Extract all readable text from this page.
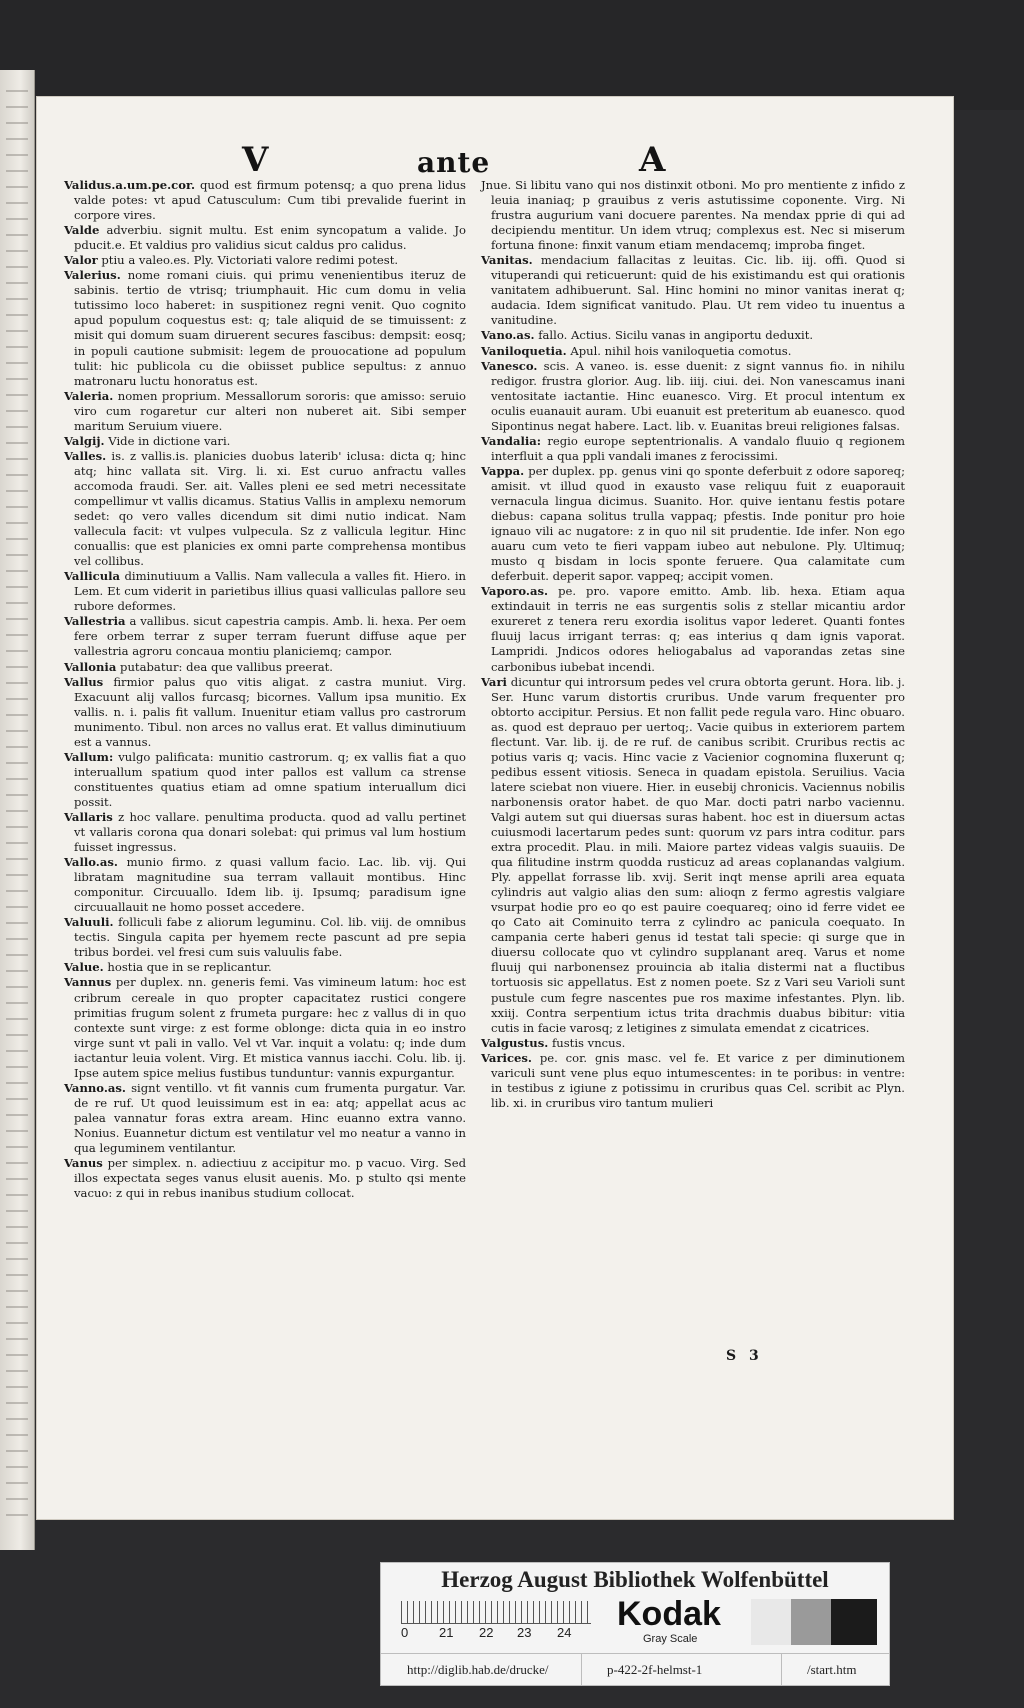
V	ante	A
Validus.a.um.pe.cor. quod est firmum potensq; a quo prena lidus valde potes: vt apud Catusculum: Cum tibi prevalide fuerint in corpore vires.
Valde adverbiu. signit multu. Est enim syncopatum a valide. Jo pducit.e. Et valdius pro validius sicut caldus pro calidus.
Valor ptiu a valeo.es. Ply. Victoriati valore redimi potest.
Valerius. nome romani ciuis. qui primu venenientibus iteruz de sabinis. tertio de vtrisq; triumphauit. Hic cum domu in velia tutissimo loco haberet: in suspitionez regni venit. Quo cognito apud populum coquestus est: q; tale aliquid de se timuissent: z misit qui domum suam diruerent secures fascibus: dempsit: eosq; in populi cautione submisit: legem de prouocatione ad populum tulit: hic publicola cu die obiisset publice sepultus: z annuo matronaru luctu honoratus est.
Valeria. nomen proprium. Messallorum sororis: que amisso: seruio viro cum rogaretur cur alteri non nuberet ait. Sibi semper maritum Seruium viuere.
Valgij. Vide in dictione vari.
Valles. is. z vallis.is. planicies duobus laterib' iclusa: dicta q; hinc atq; hinc vallata sit. Virg. li. xi. Est curuo anfractu valles accomoda fraudi. Ser. ait. Valles pleni ee sed metri necessitate compellimur vt vallis dicamus. Statius Vallis in amplexu nemorum sedet: qo vero valles dicendum sit dimi nutio indicat. Nam vallecula facit: vt vulpes vulpecula. Sz z vallicula legitur. Hinc conuallis: que est planicies ex omni parte comprehensa montibus vel collibus.
Vallicula diminutiuum a Vallis. Nam vallecula a valles fit. Hiero. in Lem. Et cum viderit in parietibus illius quasi valliculas pallore seu rubore deformes.
Vallestria a vallibus. sicut capestria campis. Amb. li. hexa. Per oem fere orbem terrar z super terram fuerunt diffuse aque per vallestria agroru concaua montiu planiciemq; campor.
Vallonia putabatur: dea que vallibus preerat.
Vallus firmior palus quo vitis aligat. z castra muniut. Virg. Exacuunt alij vallos furcasq; bicornes. Vallum ipsa munitio. Ex vallis. n. i. palis fit vallum. Inuenitur etiam vallus pro castrorum munimento. Tibul. non arces no vallus erat. Et vallus diminutiuum est a vannus.
Vallum: vulgo palificata: munitio castrorum. q; ex vallis fiat a quo interuallum spatium quod inter pallos est vallum ca strense constituentes quatius etiam ad omne spatium interuallum dici possit.
Vallaris z hoc vallare. penultima producta. quod ad vallu pertinet vt vallaris corona qua donari solebat: qui primus val lum hostium fuisset ingressus.
Vallo.as. munio firmo. z quasi vallum facio. Lac. lib. vij. Qui libratam magnitudine sua terram vallauit montibus. Hinc componitur. Circuuallo. Idem lib. ij. Ipsumq; paradisum igne circuuallauit ne homo posset accedere.
Valuuli. folliculi fabe z aliorum leguminu. Col. lib. viij. de omnibus tectis. Singula capita per hyemem recte pascunt ad pre sepia tribus bordei. vel fresi cum suis valuulis fabe.
Value. hostia que in se replicantur.
Vannus per duplex. nn. generis femi. Vas vimineum latum: hoc est cribrum cereale in quo propter capacitatez rustici congere primitias frugum solent z frumeta purgare: hec z vallus di in quo contexte sunt virge: z est forme oblonge: dicta quia in eo instro virge sunt vt pali in vallo. Vel vt Var. inquit a volatu: q; inde dum iactantur leuia volent. Virg. Et mistica vannus iacchi. Colu. lib. ij. Ipse autem spice melius fustibus tunduntur: vannis expurgantur.
Vanno.as. signt ventillo. vt fit vannis cum frumenta purgatur. Var. de re ruf. Ut quod leuissimum est in ea: atq; appellat acus ac palea vannatur foras extra aream. Hinc euanno extra vanno. Nonius. Euannetur dictum est ventilatur vel mo neatur a vanno in qua leguminem ventilantur.
Vanus per simplex. n. adiectiuu z accipitur mo. p vacuo. Virg. Sed illos expectata seges vanus elusit auenis. Mo. p stulto qsi mente vacuo: z qui in rebus inanibus studium collocat.
Jnue. Si libitu vano qui nos distinxit otboni. Mo pro mentiente z infido z leuia inaniaq; p grauibus z veris astutissime coponente. Virg. Ni frustra augurium vani docuere parentes. Na mendax pprie di qui ad decipiendu mentitur. Un idem vtruq; complexus est. Nec si miserum fortuna finone: finxit vanum etiam mendacemq; improba finget.
Vanitas. mendacium fallacitas z leuitas. Cic. lib. iij. offi. Quod si vituperandi qui reticuerunt: quid de his existimandu est qui orationis vanitatem adhibuerunt. Sal. Hinc homini no minor vanitas inerat q; audacia. Idem significat vanitudo. Plau. Ut rem video tu inuentus a vanitudine.
Vano.as. fallo. Actius. Sicilu vanas in angiportu deduxit.
Vaniloquetia. Apul. nihil hois vaniloquetia comotus.
Vanesco. scis. A vaneo. is. esse duenit: z signt vannus fio. in nihilu redigor. frustra glorior. Aug. lib. iiij. ciui. dei. Non vanescamus inani ventositate iactantie. Hinc euanesco. Virg. Et procul intentum ex oculis euanauit auram. Ubi euanuit est preteritum ab euanesco. quod Sipontinus negat habere. Lact. lib. v. Euanitas breui religiones falsas.
Vandalia: regio europe septentrionalis. A vandalo fluuio q regionem interfluit a qua ppli vandali imanes z ferocissimi.
Vappa. per duplex. pp. genus vini qo sponte deferbuit z odore saporeq; amisit. vt illud quod in exausto vase reliquu fuit z euaporauit vernacula lingua dicimus. Suanito. Hor. quive ientanu festis potare diebus: capana solitus trulla vappaq; pfestis. Inde ponitur pro hoie ignauo vili ac nugatore: z in quo nil sit prudentie. Ide infer. Non ego auaru cum veto te fieri vappam iubeo aut nebulone. Ply. Ultimuq; musto q bisdam in locis sponte feruere. Qua calamitate cum deferbuit. deperit sapor. vappeq; accipit vomen.
Vaporo.as. pe. pro. vapore emitto. Amb. lib. hexa. Etiam aqua extindauit in terris ne eas surgentis solis z stellar micantiu ardor exureret z tenera reru exordia isolitus vapor lederet. Quanti fontes fluuij lacus irrigant terras: q; eas interius q dam ignis vaporat. Lampridi. Jndicos odores heliogabalus ad vaporandas zetas sine carbonibus iubebat incendi.
Vari dicuntur qui introrsum pedes vel crura obtorta gerunt. Hora. lib. j. Ser. Hunc varum distortis cruribus. Unde varum frequenter pro obtorto accipitur. Persius. Et non fallit pede regula varo. Hinc obuaro. as. quod est deprauo per uertoq;. Vacie quibus in exteriorem partem flectunt. Var. lib. ij. de re ruf. de canibus scribit. Cruribus rectis ac potius varis q; vacis. Hinc vacie z Vacienior cognomina fluxerunt q; pedibus essent vitiosis. Seneca in quadam epistola. Seruilius. Vacia latere sciebat non viuere. Hier. in eusebij chronicis. Vaciennus nobilis narbonensis orator habet. de quo Mar. docti patri narbo vaciennu. Valgi autem sut qui diuersas suras habent. hoc est in diuersum actas cuiusmodi lacertarum pedes sunt: quorum vz pars intra coditur. pars extra procedit. Plau. in mili. Maiore partez videas valgis suauiis. De qua filitudine instrm quodda rusticuz ad areas coplanandas valgium. Ply. appellat forrasse lib. xvij. Serit inqt mense aprili area equata cylindris aut valgio alias den sum: alioqn z fermo agrestis valgiare vsurpat hodie pro eo qo est pauire coequareq; oino id ferre videt ee qo Cato ait Cominuito terra z cylindro ac panicula coequato. In campania certe haberi genus id testat tali specie: qi surge que in diuersu collocate quo vt cylindro supplanant areq. Varus et nome fluuij qui narbonensez prouincia ab italia distermi nat a fluctibus tortuosis sic appellatus. Est z nomen poete. Sz z Vari seu Varioli sunt pustule cum fegre nascentes pue ros maxime infestantes. Plyn. lib. xxiij. Contra serpentium ictus trita drachmis duabus bibitur: vitia cutis in facie varosq; z letigines z simulata emendat z cicatrices.
Valgustus. fustis vncus.
Varices. pe. cor. gnis masc. vel fe. Et varice z per diminutionem variculi sunt vene plus equo intumescentes: in te poribus: in ventre: in testibus z igiune z potissimu in cruribus quas Cel. scribit ac Plyn. lib. xi. in cruribus viro tantum mulieri
S 3
Herzog August Bibliothek Wolfenbüttel
0 21 22 23 24 Kodak
Gray Scale
http://diglib.hab.de/drucke/	p-422-2f-helmst-1	/start.htm
